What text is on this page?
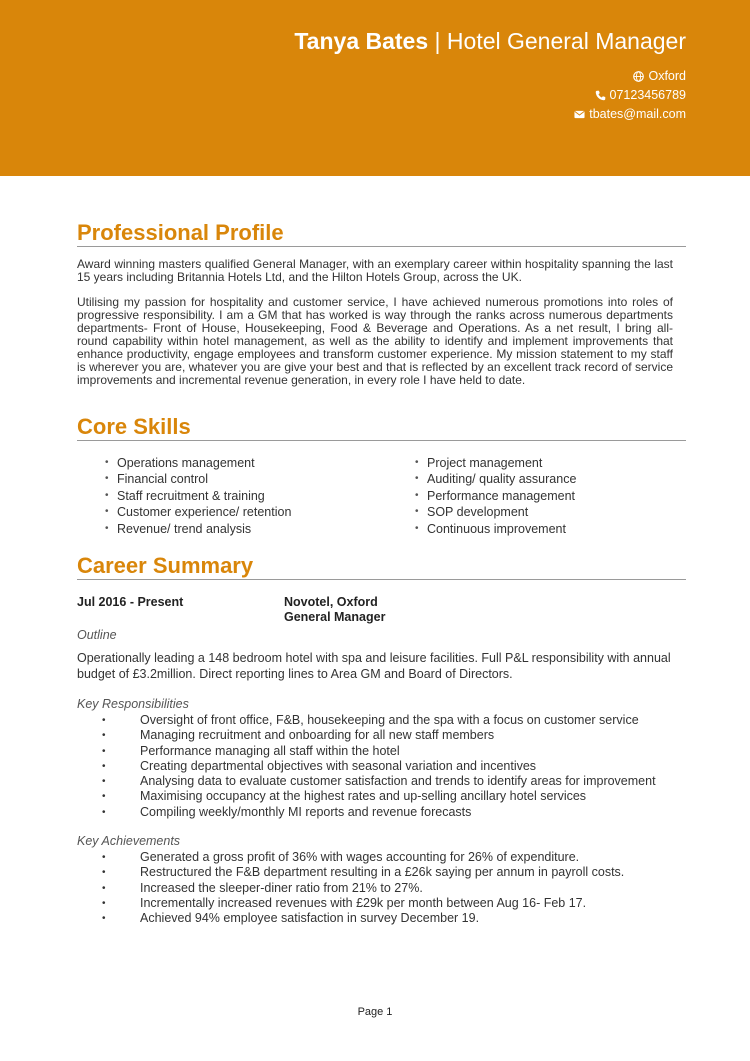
Tanya Bates | Hotel General Manager
Oxford
07123456789
tbates@mail.com
Professional Profile
Award winning masters qualified General Manager, with an exemplary career within hospitality spanning the last 15 years including Britannia Hotels Ltd, and the Hilton Hotels Group, across the UK.
Utilising my passion for hospitality and customer service, I have achieved numerous promotions into roles of progressive responsibility. I am a GM that has worked is way through the ranks across numerous departments departments- Front of House, Housekeeping, Food & Beverage and Operations. As a net result, I bring all- round capability within hotel management, as well as the ability to identify and implement improvements that enhance productivity, engage employees and transform customer experience. My mission statement to my staff is wherever you are, whatever you are give your best and that is reflected by an excellent track record of service improvements and incremental revenue generation, in every role I have held to date.
Core Skills
• Operations management
• Financial control
• Staff recruitment & training
• Customer experience/ retention
• Revenue/ trend analysis
• Project management
• Auditing/ quality assurance
• Performance management
• SOP development
• Continuous improvement
Career Summary
Jul 2016 - Present	Novotel, Oxford
General Manager
Outline
Operationally leading a 148 bedroom hotel with spa and leisure facilities. Full P&L responsibility with annual budget of £3.2million. Direct reporting lines to Area GM and Board of Directors.
Key Responsibilities
•	Oversight of front office, F&B, housekeeping and the spa with a focus on customer service
•	Managing recruitment and onboarding for all new staff members
•	Performance managing all staff within the hotel
•	Creating departmental objectives with seasonal variation and incentives
•	Analysing data to evaluate customer satisfaction and trends to identify areas for improvement
•	Maximising occupancy at the highest rates and up-selling ancillary hotel services
•	Compiling weekly/monthly MI reports and revenue forecasts
Key Achievements
•	Generated a gross profit of 36% with wages accounting for 26% of expenditure.
•	Restructured the F&B department resulting in a £26k saying per annum in payroll costs.
•	Increased the sleeper-diner ratio from 21% to 27%.
•	Incrementally increased revenues with £29k per month between Aug 16- Feb 17.
•	Achieved 94% employee satisfaction in survey December 19.
Page 1
